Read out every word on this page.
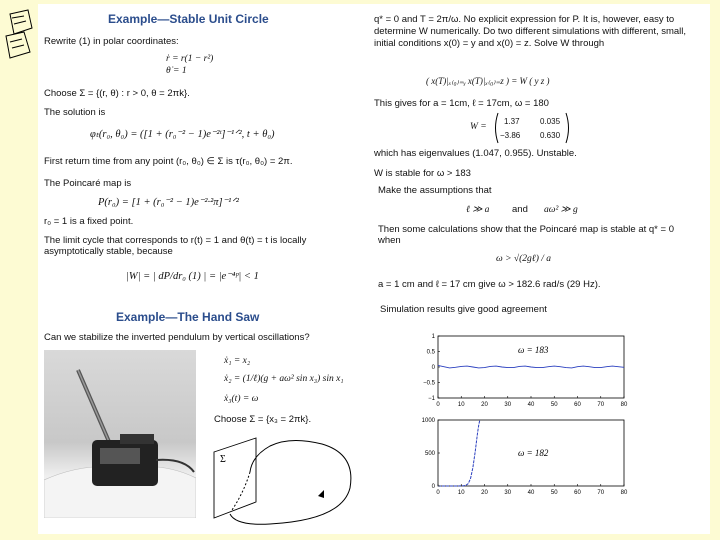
Example—Stable Unit Circle
Rewrite (1) in polar coordinates:
ṙ = r(1 − r²)
θ̇ = 1
Choose Σ = {(r, θ) : r > 0, θ = 2πk}.
The solution is
φₜ(r₀, θ₀) = ([1 + (r₀⁻² − 1)e⁻²ᵗ]⁻¹ᐟ², t + θ₀)
First return time from any point (r₀, θ₀) ∈ Σ is τ(r₀, θ₀) = 2π.
The Poincaré map is
P(r₀) = [1 + (r₀⁻² − 1)e⁻²·²π]⁻¹ᐟ²
r₀ = 1 is a fixed point.
The limit cycle that corresponds to r(t) = 1 and θ(t) = t is locally asymptotically stable, because
|W| = | dP/dr₀ (1) | = |e⁻⁴ᵖ| < 1
Example—The Hand Saw
Can we stabilize the inverted pendulum by vertical oscillations?
ẋ₁ = x₂
ẋ₂ = (1/ℓ)(g + aω² sin x₃) sin x₁
ẋ₃(t) = ω
Choose Σ = {x₃ = 2πk}.
Σ
q* = 0 and T = 2π/ω. No explicit expression for P. It is, however, easy to determine W numerically. Do two different simulations with different, small, initial conditions x(0) = y and x(0) = z. Solve W through
( x(T)|ₓ₍₀₎₌ᵧ x(T)|ₓ₍₀₎₌z ) = W ( y z )
This gives for a = 1cm, ℓ = 17cm, ω = 180
W =
1.37	0.035
−3.86 0.630
which has eigenvalues (1.047, 0.955). Unstable.
W is stable for ω > 183
Make the assumptions that
ℓ ≫ a and aω² ≫ g
Then some calculations show that the Poincaré map is stable at q* = 0 when
ω > √(2gℓ) / a
a = 1 cm and ℓ = 17 cm give ω > 182.6 rad/s (29 Hz).
Simulation results give good agreement
0	10	20	30	40	50	60	70	80
1
0.5
0
−0.5
−1
ω = 183
0	10	20	30	40	50	60	70	80
1000
500
0
ω = 182
